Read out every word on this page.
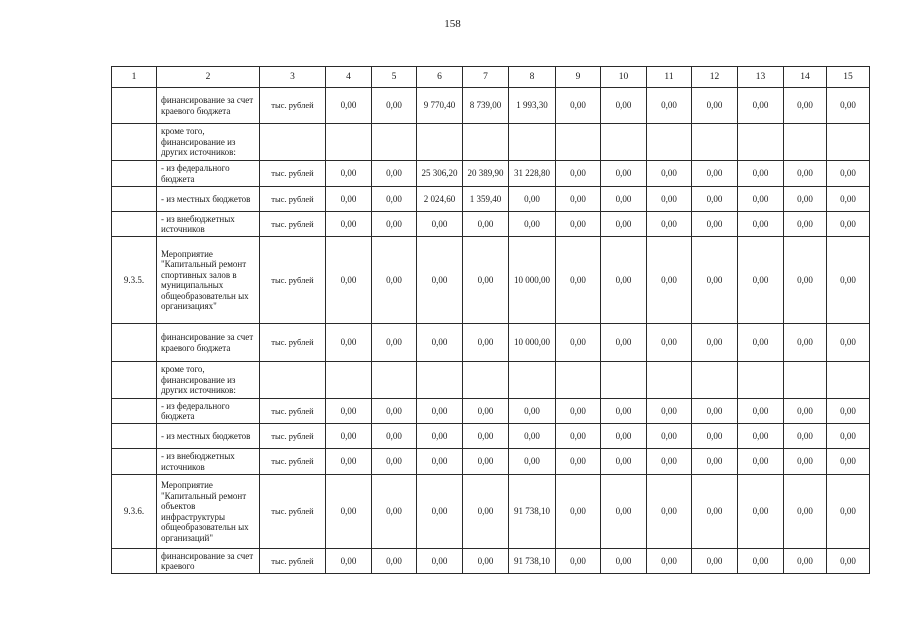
158
1	2	3	4	5	6	7	8	9	10	11	12	13	14	15
	финансирование за счет краевого бюджета	тыс. рублей	0,00	0,00	9 770,40	8 739,00	1 993,30	0,00	0,00	0,00	0,00	0,00	0,00	0,00
	кроме того, финансирование из других источников:													
	- из федерального бюджета	тыс. рублей	0,00	0,00	25 306,20	20 389,90	31 228,80	0,00	0,00	0,00	0,00	0,00	0,00	0,00
	- из местных бюджетов	тыс. рублей	0,00	0,00	2 024,60	1 359,40	0,00	0,00	0,00	0,00	0,00	0,00	0,00	0,00
	- из внебюджетных источников	тыс. рублей	0,00	0,00	0,00	0,00	0,00	0,00	0,00	0,00	0,00	0,00	0,00	0,00
9.3.5.	Мероприятие "Капитальный ремонт спортивных залов в муниципальных общеобразовательн ых организациях"	тыс. рублей	0,00	0,00	0,00	0,00	10 000,00	0,00	0,00	0,00	0,00	0,00	0,00	0,00
	финансирование за счет краевого бюджета	тыс. рублей	0,00	0,00	0,00	0,00	10 000,00	0,00	0,00	0,00	0,00	0,00	0,00	0,00
	кроме того, финансирование из других источников:													
	- из федерального бюджета	тыс. рублей	0,00	0,00	0,00	0,00	0,00	0,00	0,00	0,00	0,00	0,00	0,00	0,00
	- из местных бюджетов	тыс. рублей	0,00	0,00	0,00	0,00	0,00	0,00	0,00	0,00	0,00	0,00	0,00	0,00
	- из внебюджетных источников	тыс. рублей	0,00	0,00	0,00	0,00	0,00	0,00	0,00	0,00	0,00	0,00	0,00	0,00
9.3.6.	Мероприятие "Капитальный ремонт объектов инфраструктуры общеобразовательн ых организаций"	тыс. рублей	0,00	0,00	0,00	0,00	91 738,10	0,00	0,00	0,00	0,00	0,00	0,00	0,00
	финансирование за счет краевого	тыс. рублей	0,00	0,00	0,00	0,00	91 738,10	0,00	0,00	0,00	0,00	0,00	0,00	0,00
